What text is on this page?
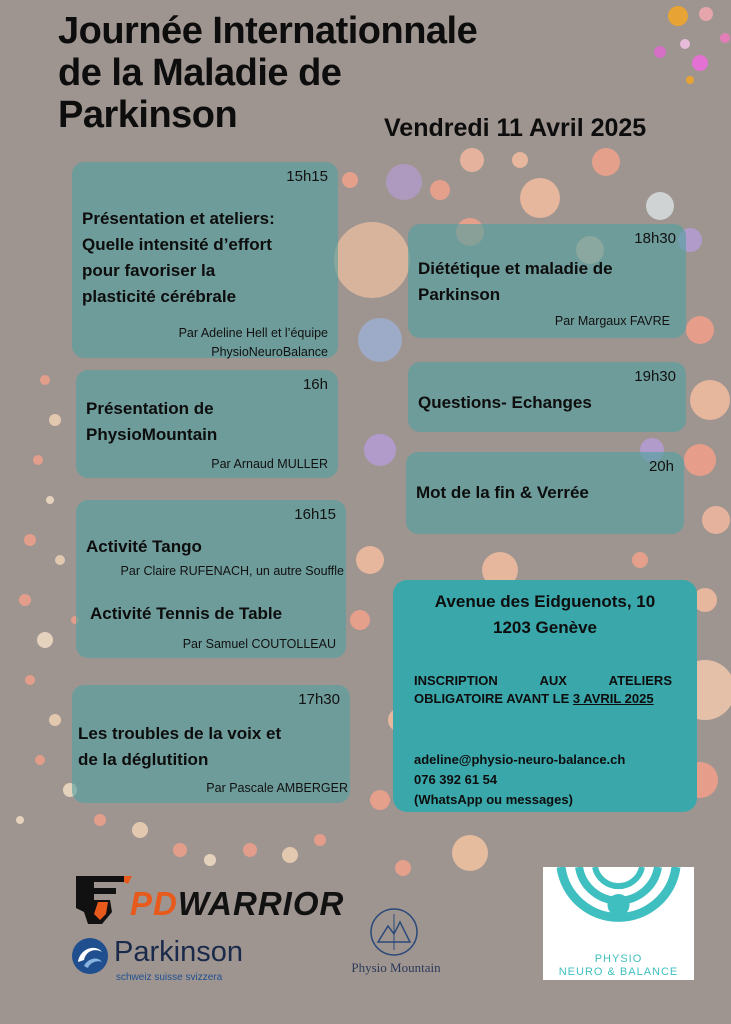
Journée Internationnale
de la Maladie de
Parkinson	Vendredi 11 Avril 2025
15h15
Présentation et ateliers:
Quelle intensité d’effort
pour favoriser la
plasticité cérébrale
Par Adeline Hell et l’équipe
PhysioNeuroBalance
16h
Présentation de
PhysioMountain
Par Arnaud MULLER
16h15
Activité Tango
Par Claire RUFENACH, un autre Souffle
Activité Tennis de Table
Par Samuel COUTOLLEAU
17h30
Les troubles de la voix et
de la déglutition
Par Pascale AMBERGER
18h30
Diététique et maladie de
Parkinson
Par Margaux FAVRE
19h30
Questions- Echanges
20h
Mot de la fin & Verrée
Avenue des Eidguenots, 10
1203 Genève
INSCRIPTION AUX ATELIERS OBLIGATOIRE AVANT LE 3 AVRIL 2025
adeline@physio-neuro-balance.ch
076 392 61 54
(WhatsApp ou messages)
PDWARRIOR
Parkinson
schweiz suisse svizzera
Physio Mountain
PHYSIO
NEURO & BALANCE
